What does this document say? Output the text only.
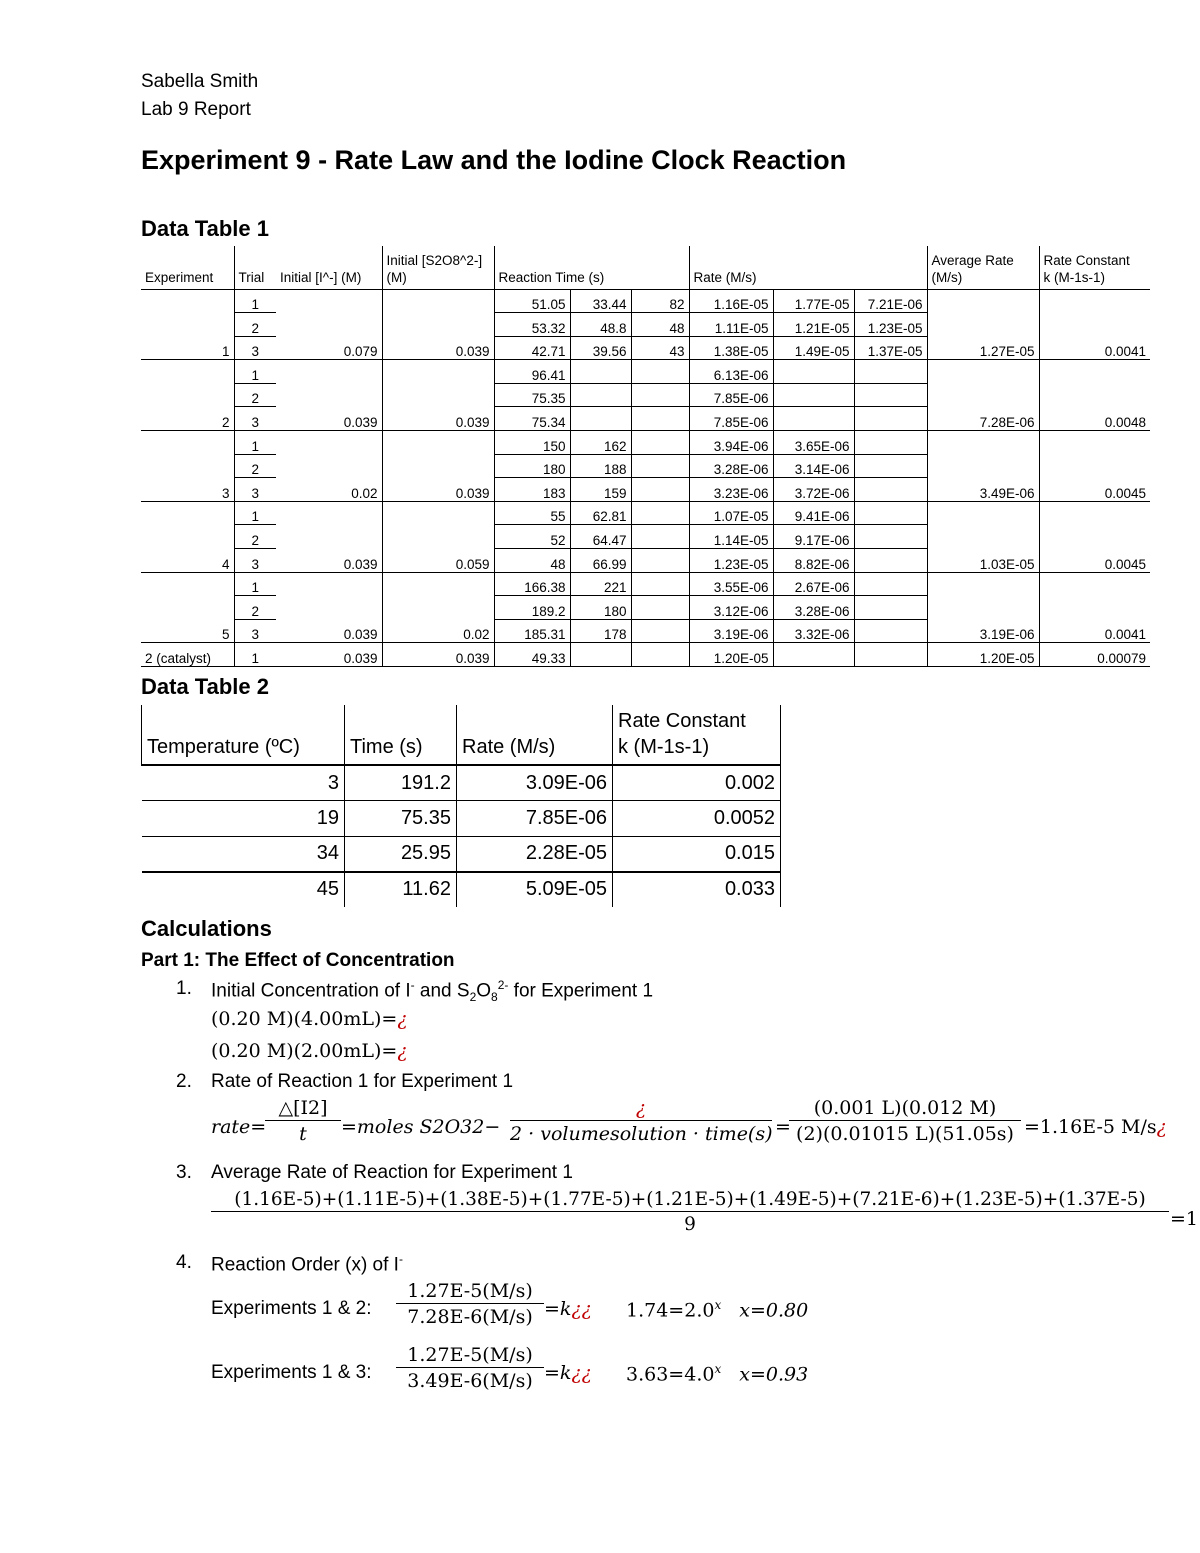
Sabella Smith
Lab 9 Report
Experiment 9 - Rate Law and the Iodine Clock Reaction
Data Table 1
Experiment	Trial	Initial [I^-] (M)	Initial [S2O8^2-]
(M)	Reaction Time (s)			Rate (M/s)			Average Rate
(M/s)	Rate Constant
k (M-1s-1)
	1			51.05	33.44	82	1.16E-05	1.77E-05	7.21E-06		
	2			53.32	48.8	48	1.11E-05	1.21E-05	1.23E-05		
1	3	0.079	0.039	42.71	39.56	43	1.38E-05	1.49E-05	1.37E-05	1.27E-05	0.0041
	1			96.41			6.13E-06				
	2			75.35			7.85E-06				
2	3	0.039	0.039	75.34			7.85E-06			7.28E-06	0.0048
	1			150	162		3.94E-06	3.65E-06			
	2			180	188		3.28E-06	3.14E-06			
3	3	0.02	0.039	183	159		3.23E-06	3.72E-06		3.49E-06	0.0045
	1			55	62.81		1.07E-05	9.41E-06			
	2			52	64.47		1.14E-05	9.17E-06			
4	3	0.039	0.059	48	66.99		1.23E-05	8.82E-06		1.03E-05	0.0045
	1			166.38	221		3.55E-06	2.67E-06			
	2			189.2	180		3.12E-06	3.28E-06			
5	3	0.039	0.02	185.31	178		3.19E-06	3.32E-06		3.19E-06	0.0041
2 (catalyst)	1	0.039	0.039	49.33			1.20E-05			1.20E-05	0.00079
Data Table 2
Temperature (ºC)	Time (s)	Rate (M/s)	Rate Constant
k (M-1s-1)
3	191.2	3.09E-06	0.002
19	75.35	7.85E-06	0.0052
34	25.95	2.28E-05	0.015
45	11.62	5.09E-05	0.033
Calculations
Part 1: The Effect of Concentration
1. Initial Concentration of I- and $S_2O_8^{2-}$ for Experiment 1
(0.20 M)(4.00mL)=¿
(0.20 M)(2.00mL)=¿
2. Rate of Reaction 1 for Experiment 1
rate=
$\frac{\triangle[I2]}{t}$ =moles S2O32−
¿
2 · volumesolution · time(s) =
$\frac{(0.001 L)(0.012 M)}{(2)(0.01015 L)(51.05s)} =1.16E-5$ M/s¿
3. Average Rate of Reaction for Experiment 1
(1.16E-5)+(1.11E-5)+(1.38E-5)+(1.77E-5)+(1.21E-5)+(1.49E-5)+(7.21E-6)+(1.23E-5)+(1.37E-5)
9	=1
4. Reaction Order (x) of I-
Experiments 1 & 2: $\frac{1.27E-5(M/s)}{7.28E-6(M/s)}$ =k¿¿ $1.74=2.0^x$ x=0.80
Experiments 1 & 3: $\frac{1.27E-5(M/s)}{3.49E-6(M/s)}$ =k¿¿ $3.63=4.0^x$ x=0.93
